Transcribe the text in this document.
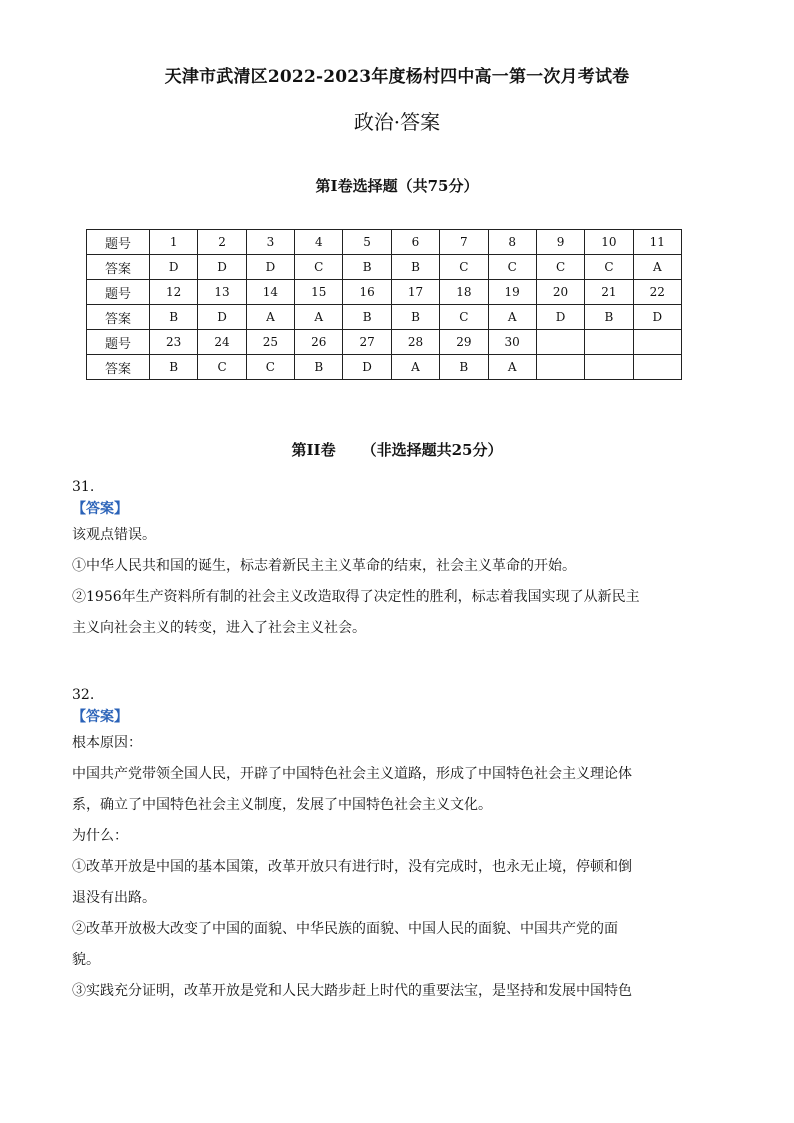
天津市武清区2022-2023年度杨村四中高一第一次月考试卷
政治·答案
第I卷选择题（共75分）
题号	1	2	3	4	5	6	7	8	9	10	11
答案	D	D	D	C	B	B	C	C	C	C	A
题号	12	13	14	15	16	17	18	19	20	21	22
答案	B	D	A	A	B	B	C	A	D	B	D
题号	23	24	25	26	27	28	29	30			
答案	B	C	C	B	D	A	B	A			
第II卷 （非选择题共25分）

31.

【答案】

该观点错误。

①中华人民共和国的诞生，标志着新民主主义革命的结束，社会主义革命的开始。

②1956年生产资料所有制的社会主义改造取得了决定性的胜利，标志着我国实现了从新民主

主义向社会主义的转变，进入了社会主义社会。

32.

【答案】

根本原因：

中国共产党带领全国人民，开辟了中国特色社会主义道路，形成了中国特色社会主义理论体

系，确立了中国特色社会主义制度，发展了中国特色社会主义文化。

为什么：

①改革开放是中国的基本国策，改革开放只有进行时，没有完成时，也永无止境，停顿和倒

退没有出路。

②改革开放极大改变了中国的面貌、中华民族的面貌、中国人民的面貌、中国共产党的面

貌。

③实践充分证明，改革开放是党和人民大踏步赶上时代的重要法宝，是坚持和发展中国特色
